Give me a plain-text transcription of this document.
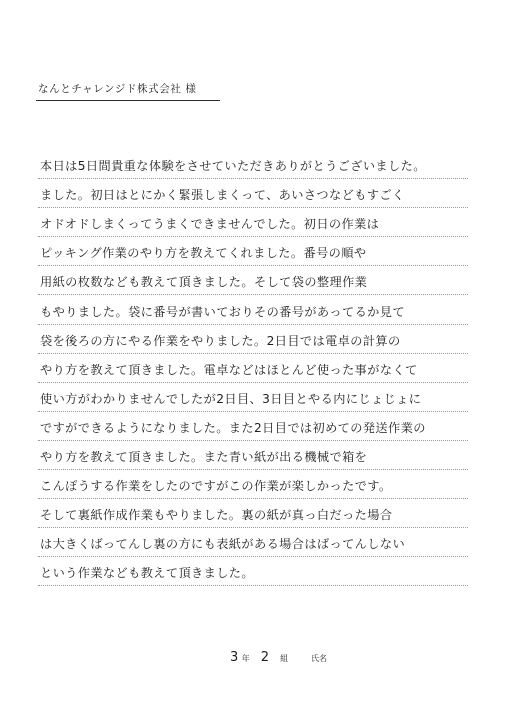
なんとチャレンジド株式会社 様
本日は5日間貴重な体験をさせていただきありがとうございました。
ました。初日はとにかく緊張しまくって、あいさつなどもすごく
オドオドしまくってうまくできませんでした。初日の作業は
ピッキング作業のやり方を教えてくれました。番号の順や
用紙の枚数なども教えて頂きました。そして袋の整理作業
もやりました。袋に番号が書いておりその番号があってるか見て
袋を後ろの方にやる作業をやりました。2日目では電卓の計算の
やり方を教えて頂きました。電卓などはほとんど使った事がなくて
使い方がわかりませんでしたが2日目、3日目とやる内にじょじょに
ですができるようになりました。また2日目では初めての発送作業の
やり方を教えて頂きました。また青い紙が出る機械で箱を
こんぽうする作業をしたのですがこの作業が楽しかったです。
そして裏紙作成作業もやりました。裏の紙が真っ白だった場合
は大きくばってんし裏の方にも表紙がある場合はばってんしない
という作業なども教えて頂きました。
3 年 2 組	氏名
